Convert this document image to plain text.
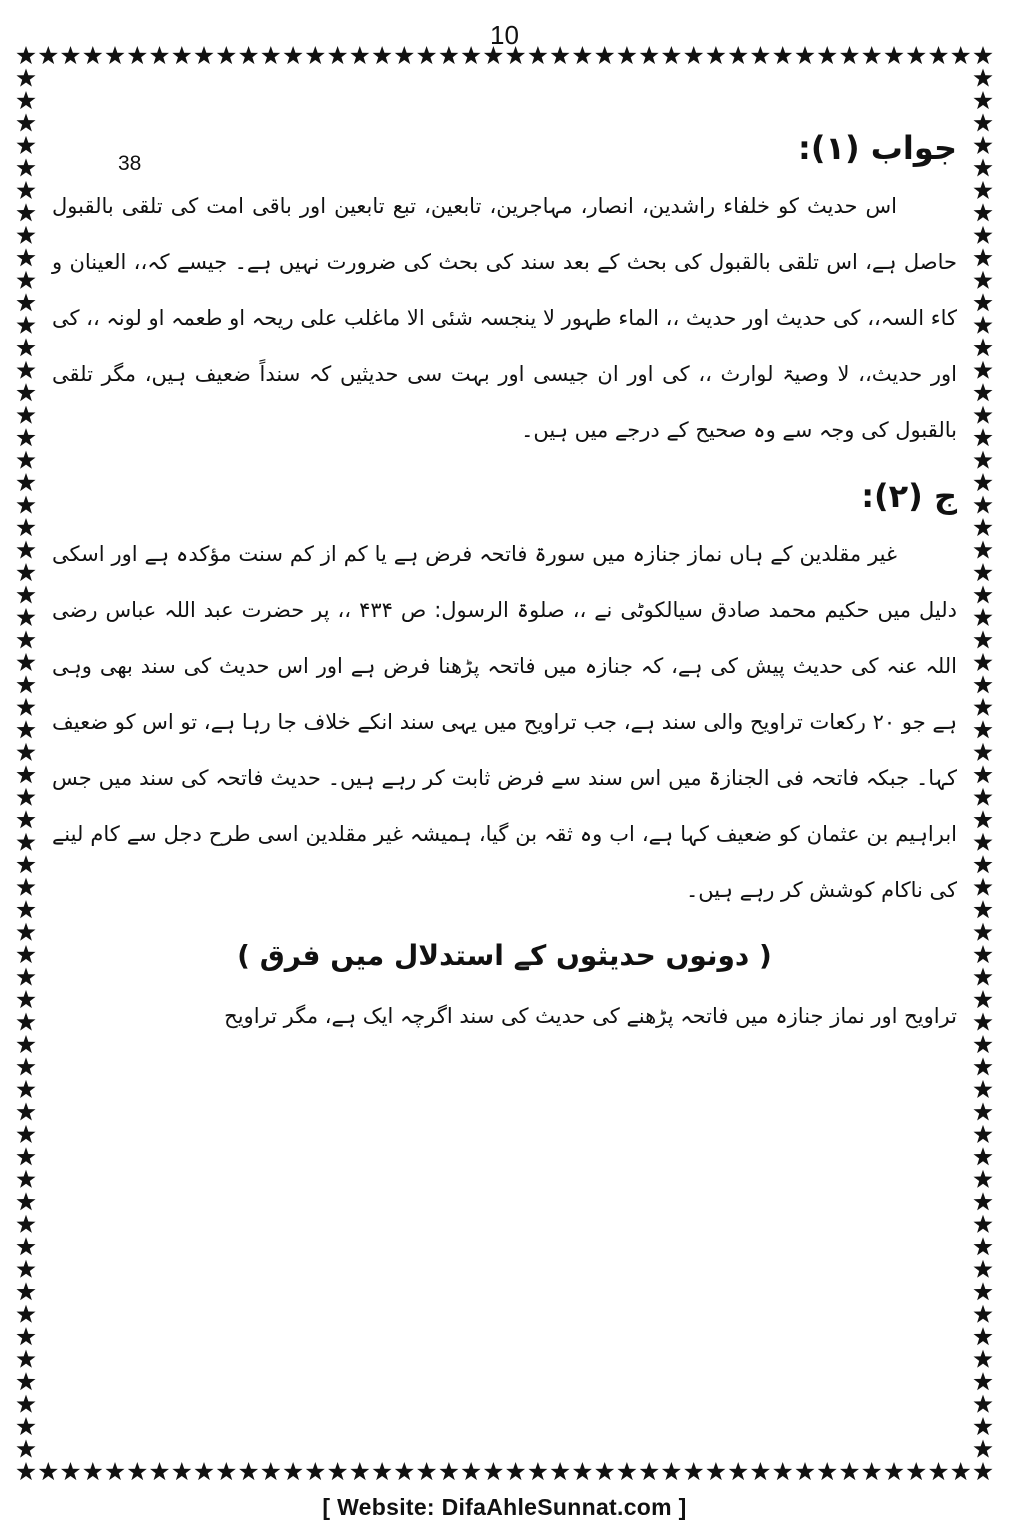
10
38	جواب (۱):

اس حدیث کو خلفاء راشدین، انصار، مہاجرین، تابعین، تبع تابعین اور باقی امت کی تلقی بالقبول حاصل ہے، اس تلقی بالقبول کی بحث کے بعد سند کی بحث کی ضرورت نہیں ہے۔ جیسے کہ،، العینان و کاء السہ،، کی حدیث اور حدیث ،، الماء طہور لا ینجسہ شئی الا ماغلب علی ریحہ او طعمہ او لونہ ،، کی اور حدیث،، لا وصیۃ لوارث ،، کی اور ان جیسی اور بہت سی حدیثیں کہ سنداً ضعیف ہیں، مگر تلقی بالقبول کی وجہ سے وہ صحیح کے درجے میں ہیں۔

ج (۲):

غیر مقلدین کے ہاں نماز جنازہ میں سورۃ فاتحہ فرض ہے یا کم از کم سنت مؤکدہ ہے اور اسکی دلیل میں حکیم محمد صادق سیالکوٹی نے ،، صلوۃ الرسول: ص ۴۳۴ ،، پر حضرت عبد اللہ عباس رضی اللہ عنہ کی حدیث پیش کی ہے، کہ جنازہ میں فاتحہ پڑھنا فرض ہے اور اس حدیث کی سند بھی وہی ہے جو ۲۰ رکعات تراویح والی سند ہے، جب تراویح میں یہی سند انکے خلاف جا رہا ہے، تو اس کو ضعیف کہا۔ جبکہ فاتحہ فی الجنازۃ میں اس سند سے فرض ثابت کر رہے ہیں۔ حدیث فاتحہ کی سند میں جس ابراہیم بن عثمان کو ضعیف کہا ہے، اب وہ ثقہ بن گیا، ہمیشہ غیر مقلدین اسی طرح دجل سے کام لینے کی ناکام کوشش کر رہے ہیں۔

( دونوں حدیثوں کے استدلال میں فرق )

تراویح اور نماز جنازہ میں فاتحہ پڑھنے کی حدیث کی سند اگرچہ ایک ہے، مگر تراویح

[ Website: DifaAhleSunnat.com ]
